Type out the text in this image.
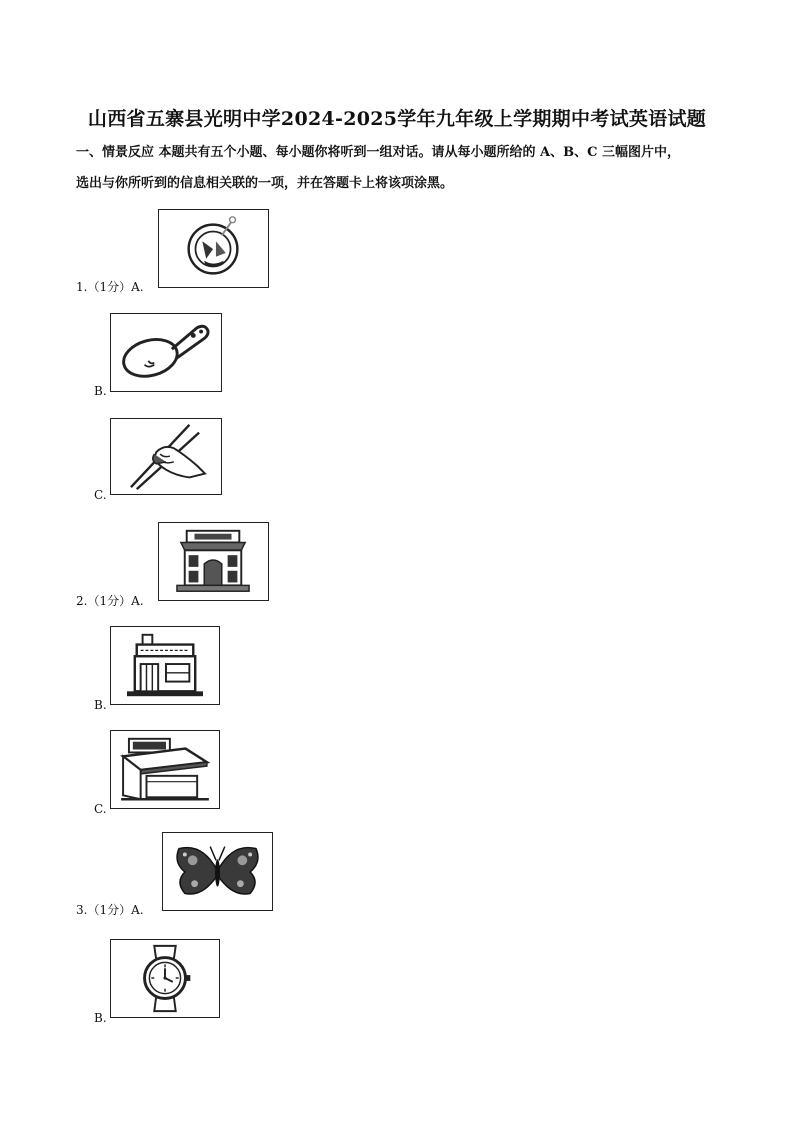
山西省五寨县光明中学2024-2025学年九年级上学期期中考试英语试题
一、情景反应 本题共有五个小题、每小题你将听到一组对话。请从每小题所给的 A、B、C 三幅图片中，
选出与你所听到的信息相关联的一项，并在答题卡上将该项涂黑。
1.（1分）A.
B.
C.
2.（1分）A.
B.
C.
3.（1分）A.
B.
